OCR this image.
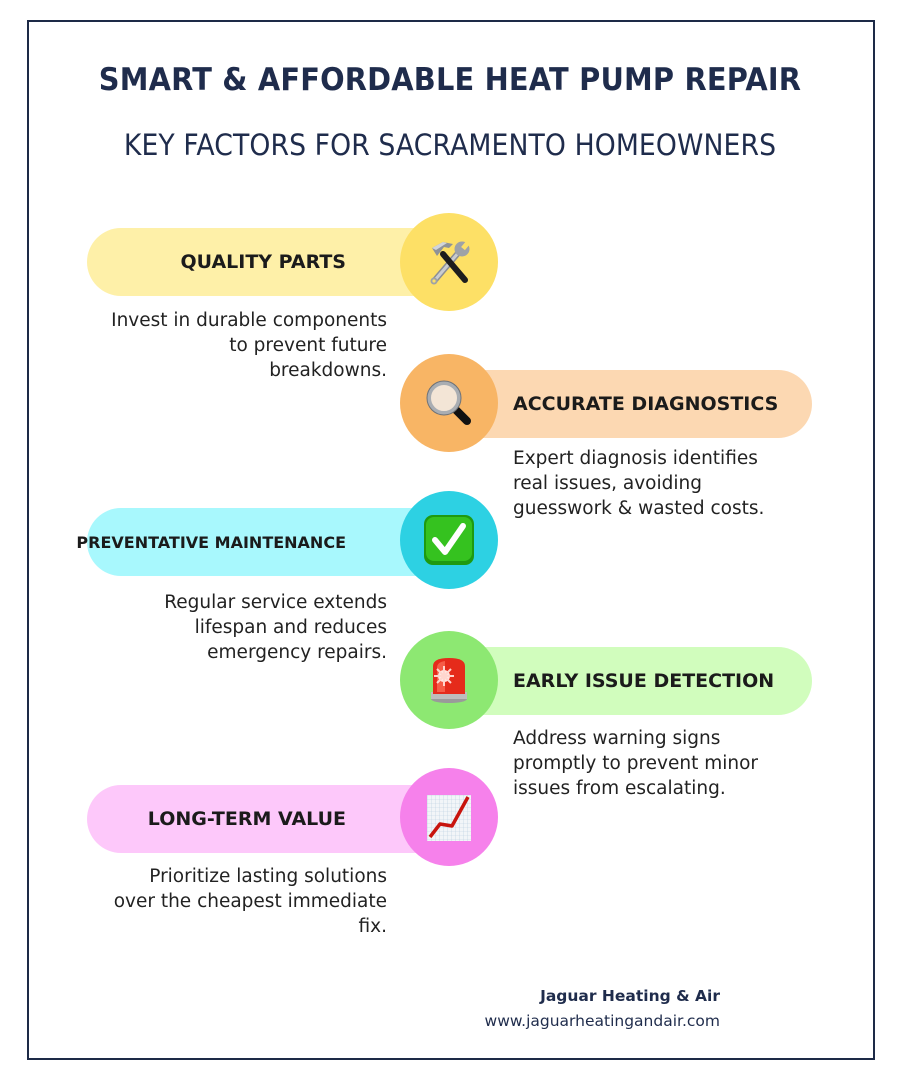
SMART & AFFORDABLE HEAT PUMP REPAIR
KEY FACTORS FOR SACRAMENTO HOMEOWNERS
QUALITY PARTS
Invest in durable components
to prevent future
breakdowns.
ACCURATE DIAGNOSTICS
Expert diagnosis identifies
real issues, avoiding
guesswork & wasted costs.
PREVENTATIVE MAINTENANCE
Regular service extends
lifespan and reduces
emergency repairs.
EARLY ISSUE DETECTION
Address warning signs
promptly to prevent minor
issues from escalating.
LONG-TERM VALUE
Prioritize lasting solutions
over the cheapest immediate
fix.
Jaguar Heating & Air
www.jaguarheatingandair.com
